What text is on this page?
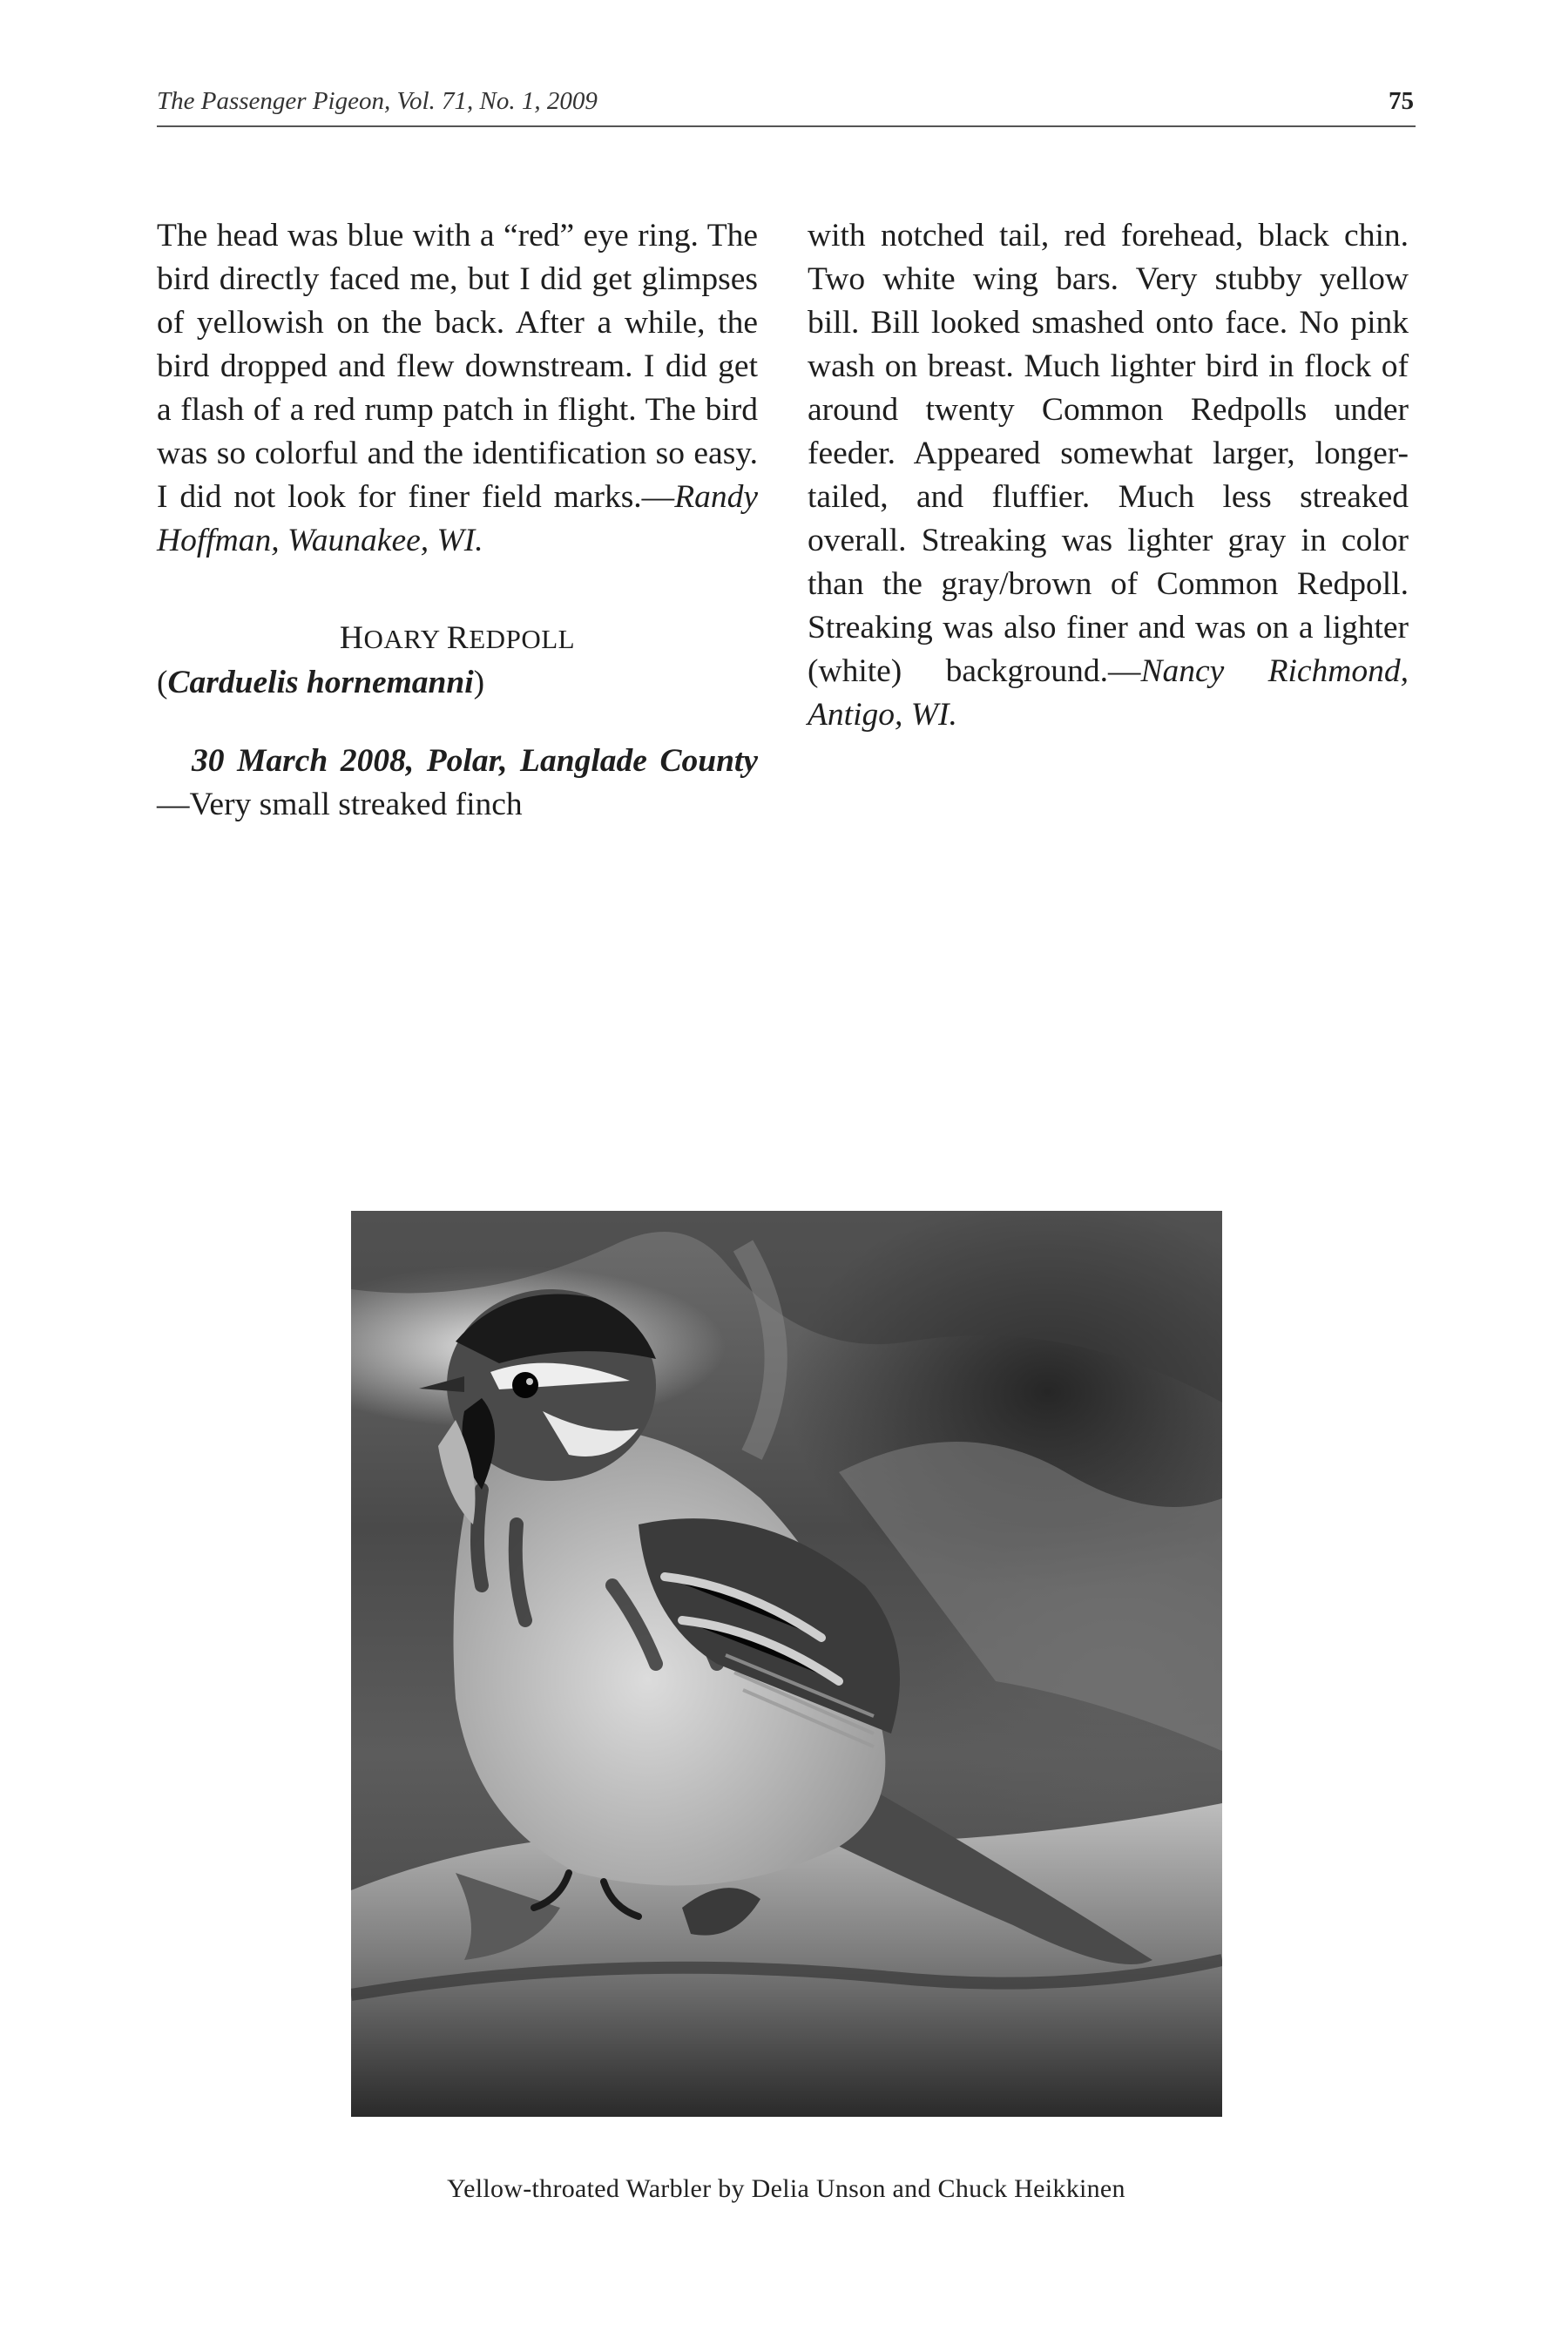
The Passenger Pigeon, Vol. 71, No. 1, 2009	75

The head was blue with a “red” eye ring. The bird directly faced me, but I did get glimpses of yellowish on the back. After a while, the bird dropped and flew downstream. I did get a flash of a red rump patch in flight. The bird was so colorful and the identification so easy. I did not look for finer field marks.—Randy Hoffman, Waunakee, WI.

HOARY REDPOLL

(Carduelis hornemanni)

30 March 2008, Polar, Langlade County—Very small streaked finch

with notched tail, red forehead, black chin. Two white wing bars. Very stubby yellow bill. Bill looked smashed onto face. No pink wash on breast. Much lighter bird in flock of around twenty Common Redpolls under feeder. Appeared somewhat larger, longer-tailed, and fluffier. Much less streaked overall. Streaking was lighter gray in color than the gray/brown of Common Redpoll. Streaking was also finer and was on a lighter (white) background.—Nancy Richmond, Antigo, WI.

Yellow-throated Warbler by Delia Unson and Chuck Heikkinen
